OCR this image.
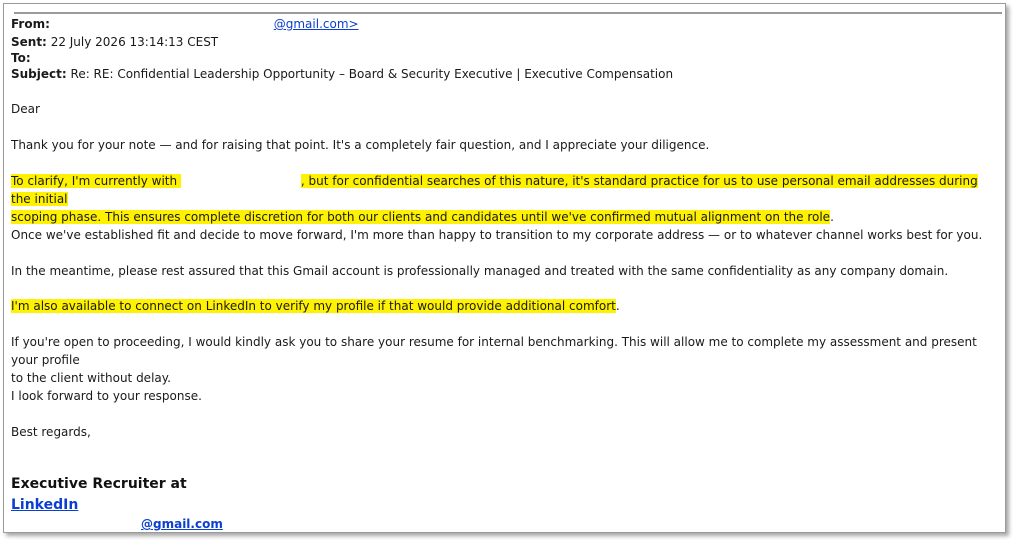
From:	@gmail.com>
Sent: 22 July 2026 13:14:13 CEST
To:
Subject: Re: RE: Confidential Leadership Opportunity – Board & Security Executive | Executive Compensation
Dear
Thank you for your note — and for raising that point. It's a completely fair question, and I appreciate your diligence.
To clarify, I'm currently with	, but for confidential searches of this nature, it's standard practice for us to use personal email addresses during the initial
scoping phase. This ensures complete discretion for both our clients and candidates until we've confirmed mutual alignment on the role.
Once we've established fit and decide to move forward, I'm more than happy to transition to my corporate address — or to whatever channel works best for you.
In the meantime, please rest assured that this Gmail account is professionally managed and treated with the same confidentiality as any company domain.
I'm also available to connect on LinkedIn to verify my profile if that would provide additional comfort.
If you're open to proceeding, I would kindly ask you to share your resume for internal benchmarking. This will allow me to complete my assessment and present your profile
to the client without delay.
I look forward to your response.
Best regards,
Executive Recruiter at
LinkedIn
@gmail.com
